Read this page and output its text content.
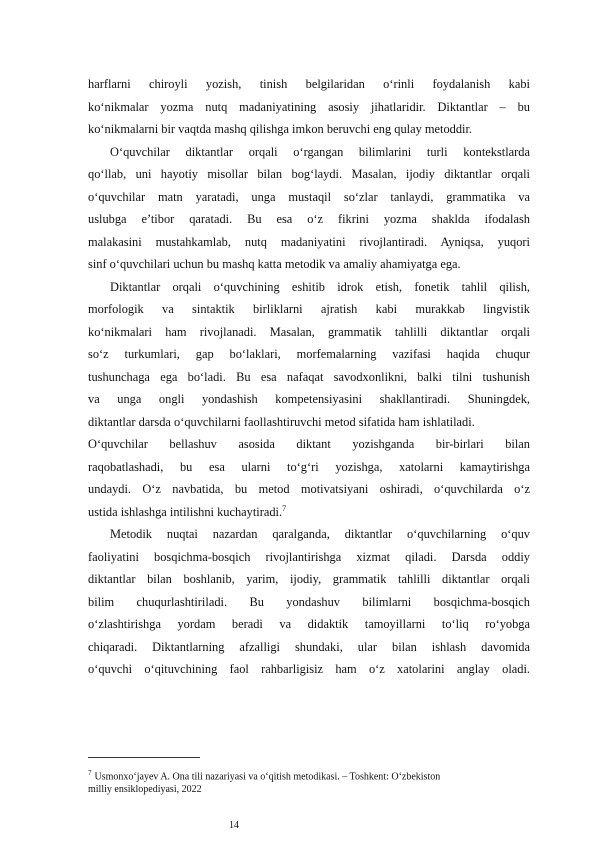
harflarni chiroyli yozish, tinish belgilaridan o‘rinli foydalanish kabi
ko‘nikmalar yozma nutq madaniyatining asosiy jihatlaridir. Diktantlar – bu
ko‘nikmalarni bir vaqtda mashq qilishga imkon beruvchi eng qulay metoddir.
O‘quvchilar diktantlar orqali o‘rgangan bilimlarini turli kontekstlarda
qo‘llab, uni hayotiy misollar bilan bog‘laydi. Masalan, ijodiy diktantlar orqali
o‘quvchilar matn yaratadi, unga mustaqil so‘zlar tanlaydi, grammatika va
uslubga e’tibor qaratadi. Bu esa o‘z fikrini yozma shaklda ifodalash
malakasini mustahkamlab, nutq madaniyatini rivojlantiradi. Ayniqsa, yuqori
sinf o‘quvchilari uchun bu mashq katta metodik va amaliy ahamiyatga ega.
Diktantlar orqali o‘quvchining eshitib idrok etish, fonetik tahlil qilish,
morfologik va sintaktik birliklarni ajratish kabi murakkab lingvistik
ko‘nikmalari ham rivojlanadi. Masalan, grammatik tahlilli diktantlar orqali
so‘z turkumlari, gap bo‘laklari, morfemalarning vazifasi haqida chuqur
tushunchaga ega bo‘ladi. Bu esa nafaqat savodxonlikni, balki tilni tushunish
va unga ongli yondashish kompetensiyasini shakllantiradi. Shuningdek,
diktantlar darsda o‘quvchilarni faollashtiruvchi metod sifatida ham ishlatiladi.
O‘quvchilar bellashuv asosida diktant yozishganda bir-birlari bilan
raqobatlashadi, bu esa ularni to‘g‘ri yozishga, xatolarni kamaytirishga
undaydi. O‘z navbatida, bu metod motivatsiyani oshiradi, o‘quvchilarda o‘z
ustida ishlashga intilishni kuchaytiradi.$^7$
Metodik nuqtai nazardan qaralganda, diktantlar o‘quvchilarning o‘quv
faoliyatini bosqichma-bosqich rivojlantirishga xizmat qiladi. Darsda oddiy
diktantlar bilan boshlanib, yarim, ijodiy, grammatik tahlilli diktantlar orqali
bilim chuqurlashtiriladi. Bu yondashuv bilimlarni bosqichma-bosqich
o‘zlashtirishga yordam beradi va didaktik tamoyillarni to‘liq ro‘yobga
chiqaradi. Diktantlarning afzalligi shundaki, ular bilan ishlash davomida
o‘quvchi o‘qituvchining faol rahbarligisiz ham o‘z xatolarini anglay oladi.
$^7$ Usmonxo‘jayev A. Ona tili nazariyasi va o‘qitish metodikasi. – Toshkent: O‘zbekiston
milliy ensiklopediyasi, 2022
14
